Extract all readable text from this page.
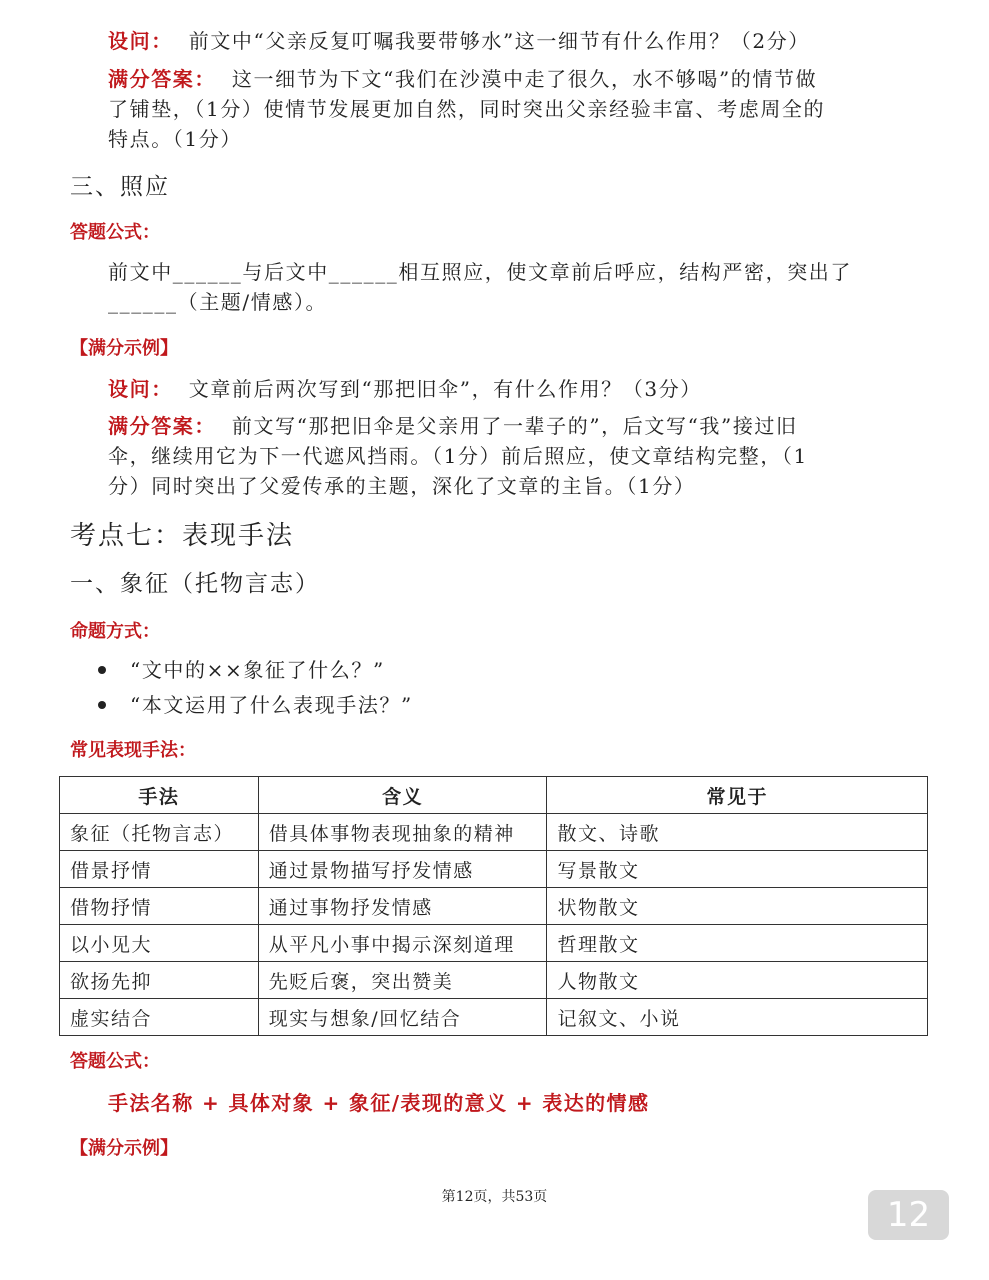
设问： 前文中“父亲反复叮嘱我要带够水”这一细节有什么作用？（2分）
满分答案： 这一细节为下文“我们在沙漠中走了很久，水不够喝”的情节做
了铺垫，（1分）使情节发展更加自然，同时突出父亲经验丰富、考虑周全的
特点。（1分）
三、照应
答题公式：
前文中______与后文中______相互照应，使文章前后呼应，结构严密，突出了
______（主题/情感）。
【满分示例】
设问： 文章前后两次写到“那把旧伞”，有什么作用？（3分）
满分答案： 前文写“那把旧伞是父亲用了一辈子的”，后文写“我”接过旧
伞，继续用它为下一代遮风挡雨。（1分）前后照应，使文章结构完整，（1
分）同时突出了父爱传承的主题，深化了文章的主旨。（1分）
考点七：表现手法
一、象征（托物言志）
命题方式：
“文中的××象征了什么？”
“本文运用了什么表现手法？”
常见表现手法：
手法	含义	常见于
象征（托物言志）	借具体事物表现抽象的精神	散文、诗歌
借景抒情	通过景物描写抒发情感	写景散文
借物抒情	通过事物抒发情感	状物散文
以小见大	从平凡小事中揭示深刻道理	哲理散文
欲扬先抑	先贬后褒，突出赞美	人物散文
虚实结合	现实与想象/回忆结合	记叙文、小说
答题公式：
手法名称 + 具体对象 + 象征/表现的意义 + 表达的情感
【满分示例】
第12页，共53页	12
